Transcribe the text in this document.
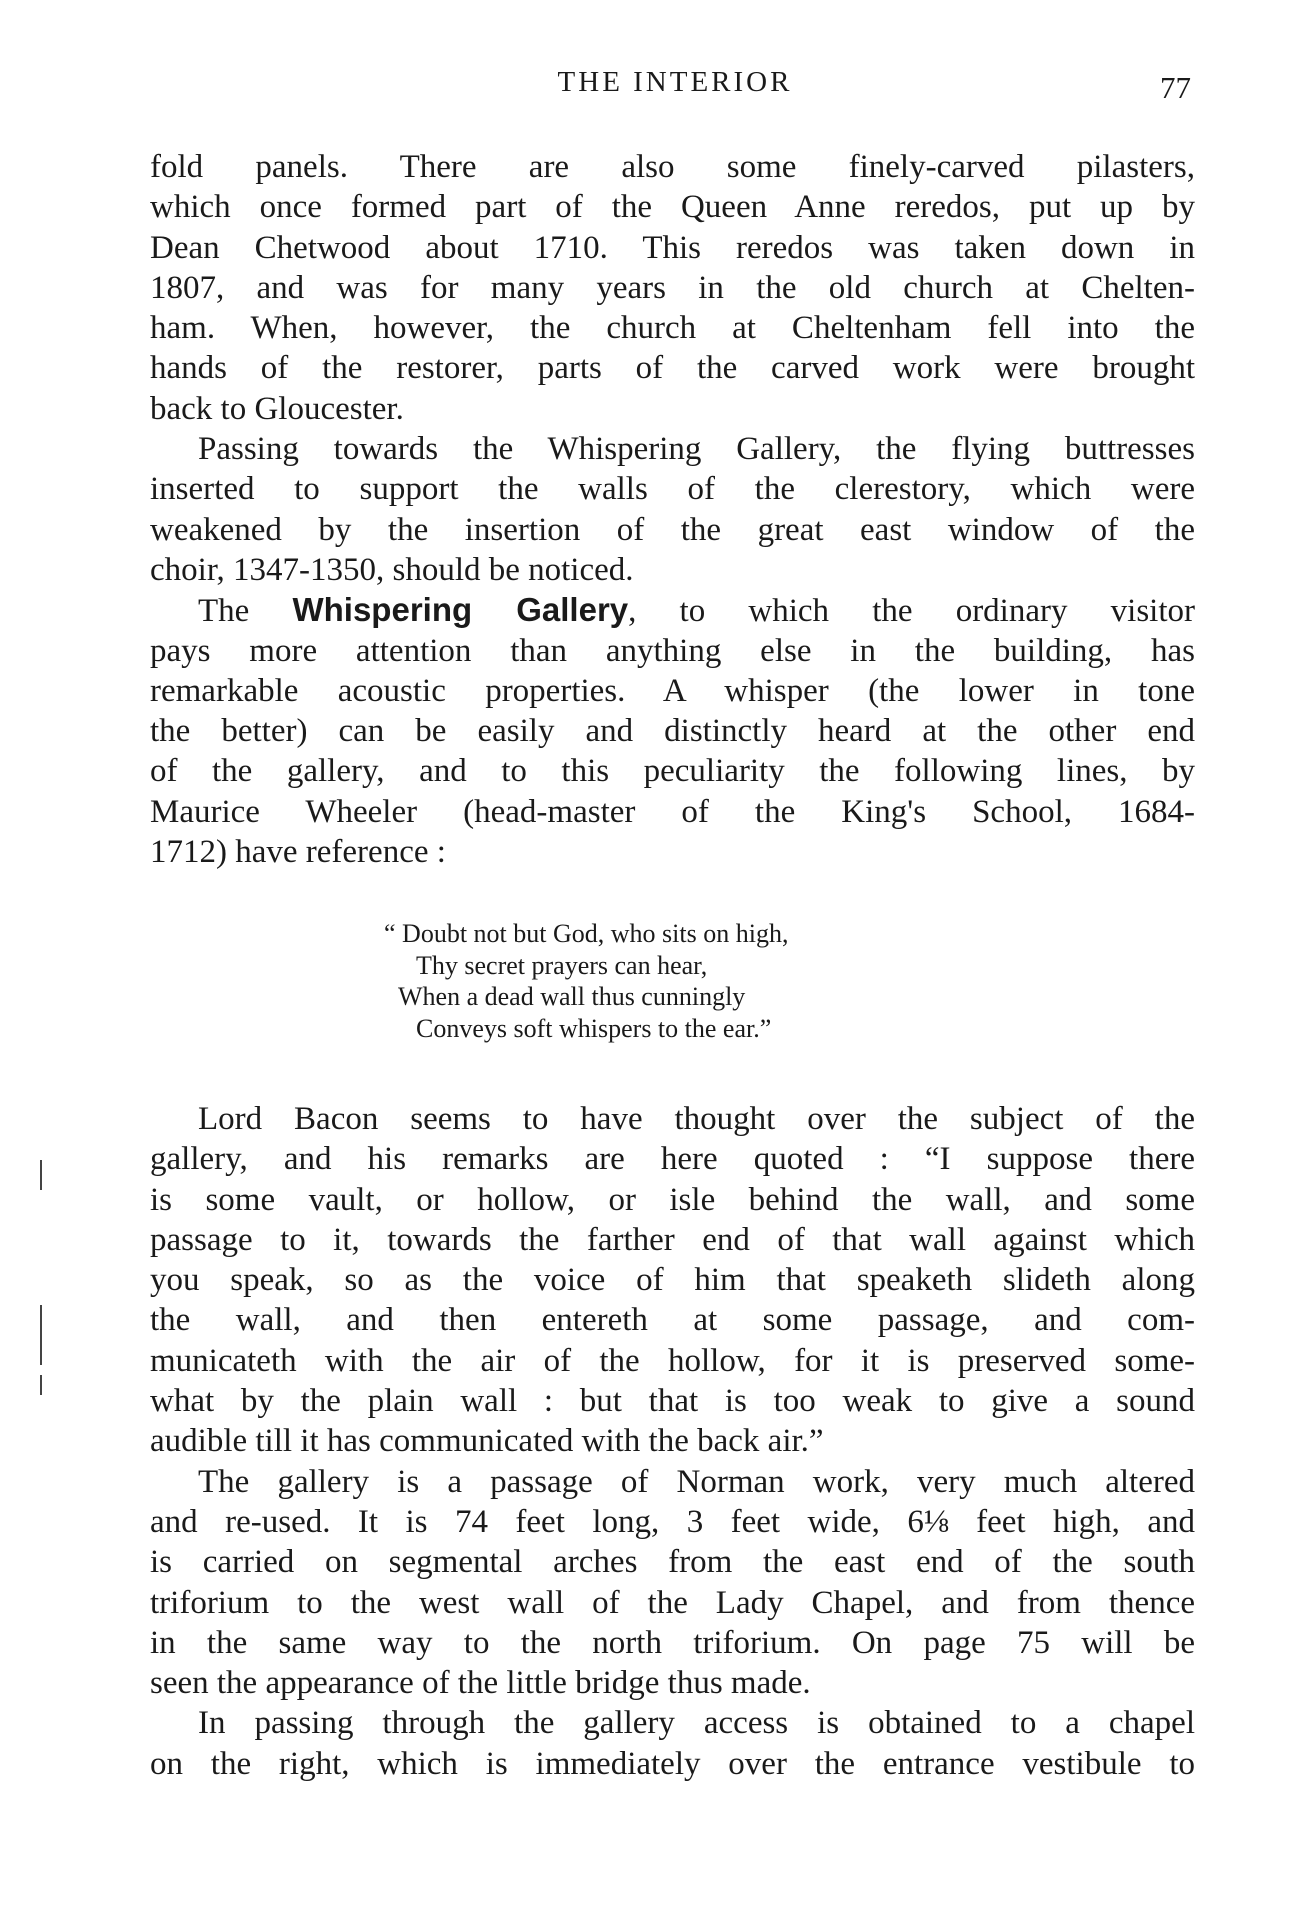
THE INTERIOR	77
fold panels. There are also some finely-carved pilasters,
which once formed part of the Queen Anne reredos, put up by
Dean Chetwood about 1710. This reredos was taken down in
1807, and was for many years in the old church at Chelten-
ham. When, however, the church at Cheltenham fell into the
hands of the restorer, parts of the carved work were brought
back to Gloucester.
Passing towards the Whispering Gallery, the flying buttresses
inserted to support the walls of the clerestory, which were
weakened by the insertion of the great east window of the
choir, 1347-1350, should be noticed.
The Whispering Gallery, to which the ordinary visitor
pays more attention than anything else in the building, has
remarkable acoustic properties. A whisper (the lower in tone
the better) can be easily and distinctly heard at the other end
of the gallery, and to this peculiarity the following lines, by
Maurice Wheeler (head-master of the King's School, 1684-
1712) have reference :
“ Doubt not but God, who sits on high,
Thy secret prayers can hear,
When a dead wall thus cunningly
Conveys soft whispers to the ear.”
Lord Bacon seems to have thought over the subject of the
gallery, and his remarks are here quoted : “I suppose there
is some vault, or hollow, or isle behind the wall, and some
passage to it, towards the farther end of that wall against which
you speak, so as the voice of him that speaketh slideth along
the wall, and then entereth at some passage, and com-
municateth with the air of the hollow, for it is preserved some-
what by the plain wall : but that is too weak to give a sound
audible till it has communicated with the back air.”
The gallery is a passage of Norman work, very much altered
and re-used. It is 74 feet long, 3 feet wide, 6⅛ feet high, and
is carried on segmental arches from the east end of the south
triforium to the west wall of the Lady Chapel, and from thence
in the same way to the north triforium. On page 75 will be
seen the appearance of the little bridge thus made.
In passing through the gallery access is obtained to a chapel
on the right, which is immediately over the entrance vestibule to
